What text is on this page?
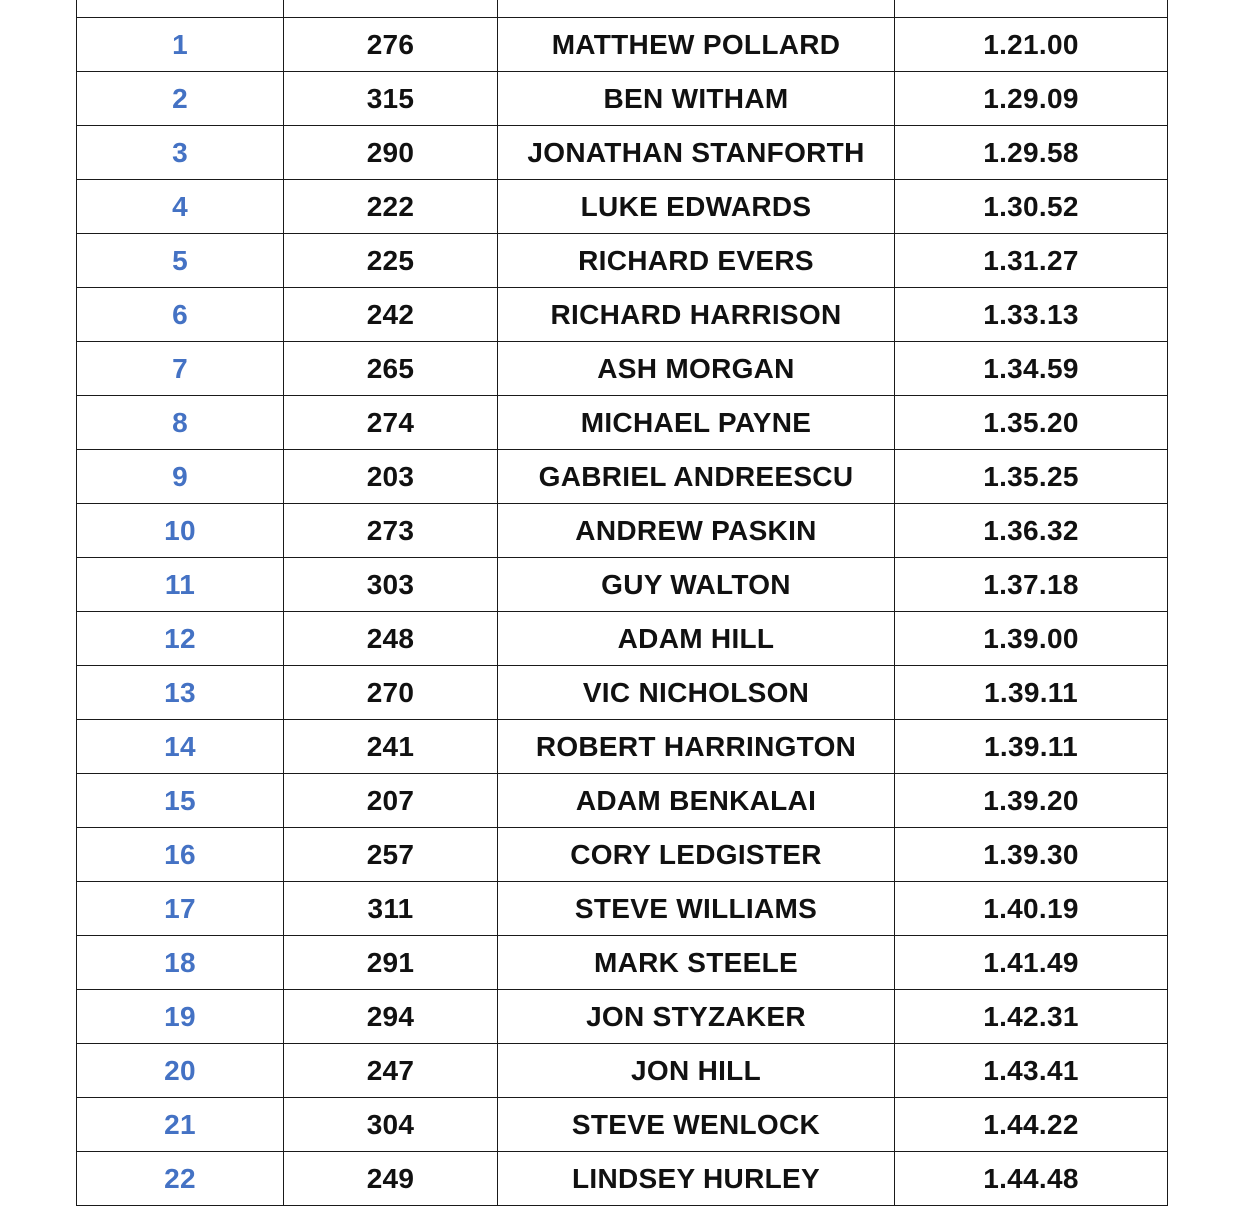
1	276	MATTHEW POLLARD	1.21.00
2	315	BEN WITHAM	1.29.09
3	290	JONATHAN STANFORTH	1.29.58
4	222	LUKE EDWARDS	1.30.52
5	225	RICHARD EVERS	1.31.27
6	242	RICHARD HARRISON	1.33.13
7	265	ASH MORGAN	1.34.59
8	274	MICHAEL PAYNE	1.35.20
9	203	GABRIEL ANDREESCU	1.35.25
10	273	ANDREW PASKIN	1.36.32
11	303	GUY WALTON	1.37.18
12	248	ADAM HILL	1.39.00
13	270	VIC NICHOLSON	1.39.11
14	241	ROBERT HARRINGTON	1.39.11
15	207	ADAM BENKALAI	1.39.20
16	257	CORY LEDGISTER	1.39.30
17	311	STEVE WILLIAMS	1.40.19
18	291	MARK STEELE	1.41.49
19	294	JON STYZAKER	1.42.31
20	247	JON HILL	1.43.41
21	304	STEVE WENLOCK	1.44.22
22	249	LINDSEY HURLEY	1.44.48
